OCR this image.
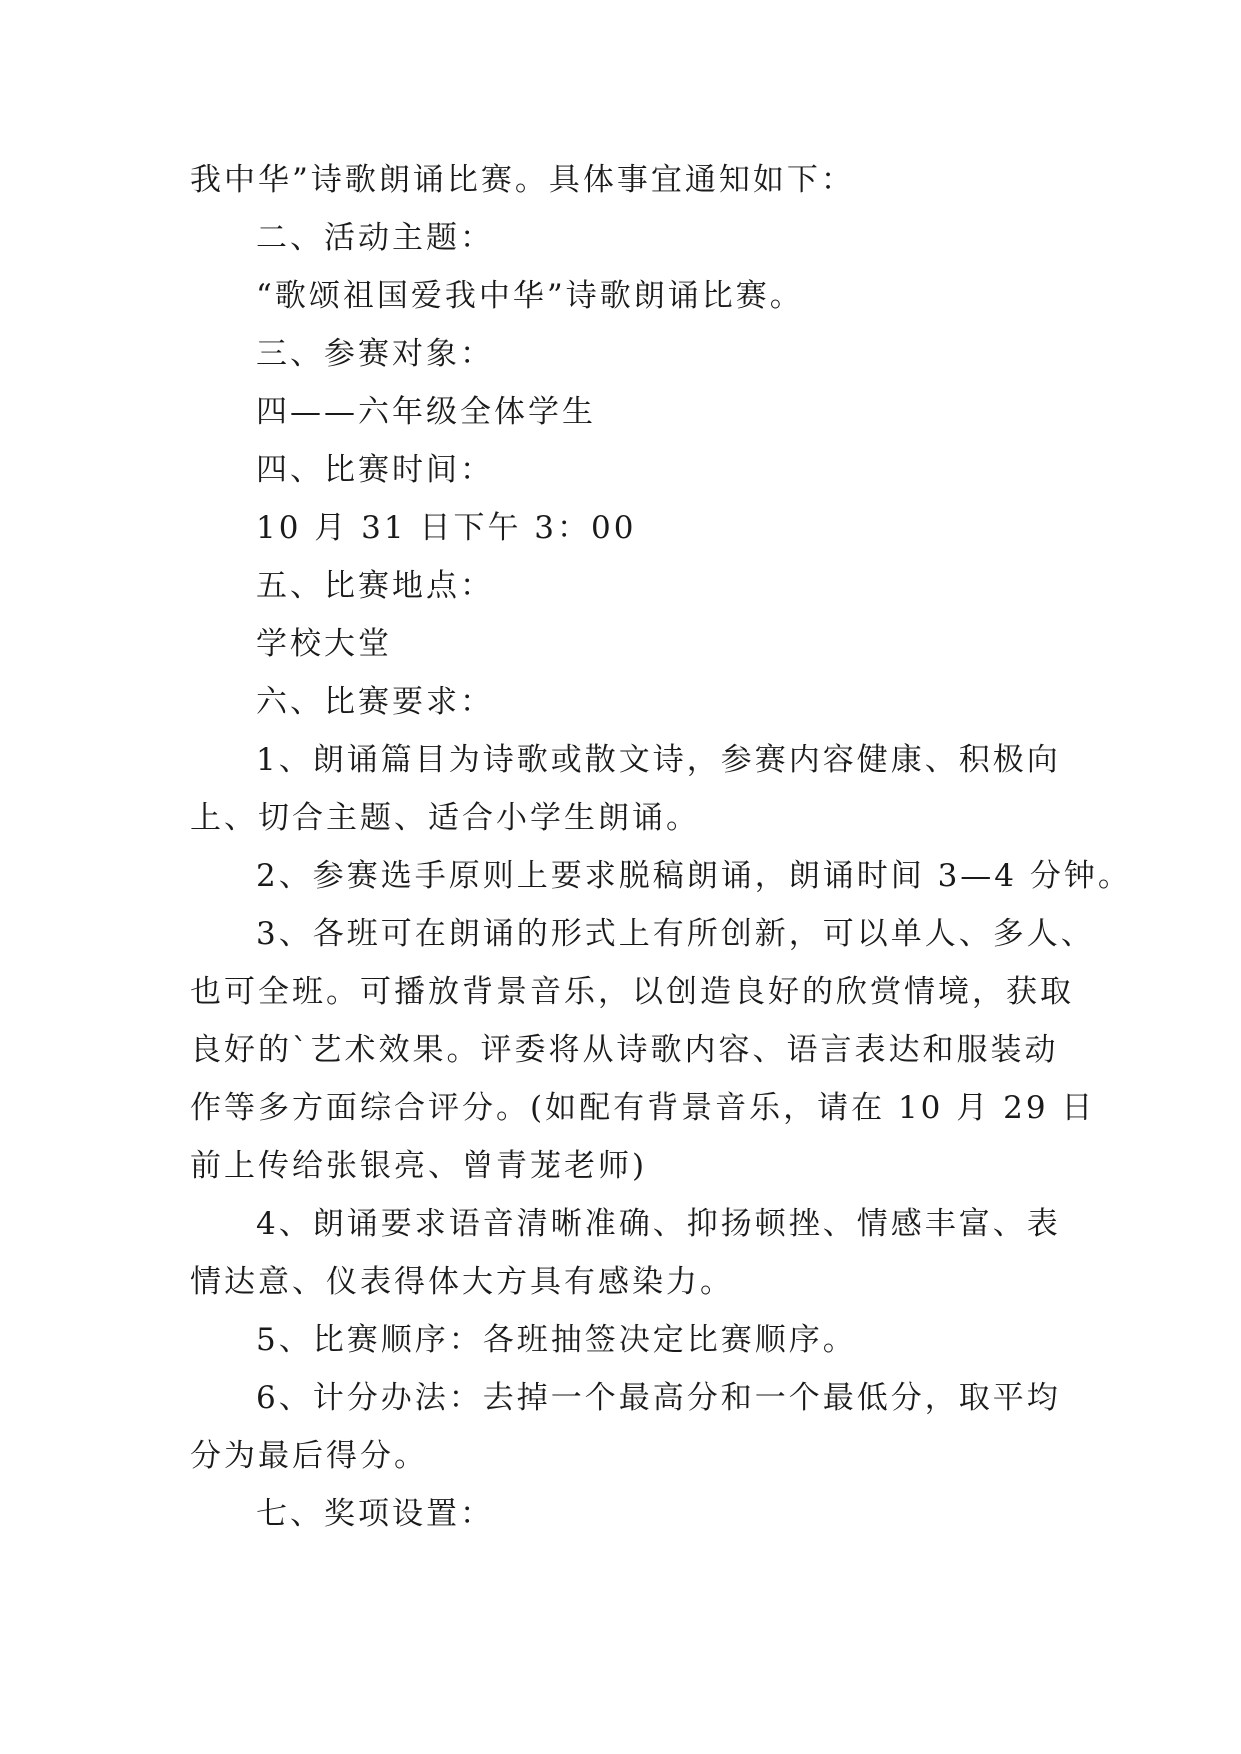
我中华”诗歌朗诵比赛。具体事宜通知如下：
二、活动主题：
“歌颂祖国爱我中华”诗歌朗诵比赛。
三、参赛对象：
四——六年级全体学生
四、比赛时间：
10 月 31 日下午 3：00
五、比赛地点：
学校大堂
六、比赛要求：
1、朗诵篇目为诗歌或散文诗，参赛内容健康、积极向
上、切合主题、适合小学生朗诵。
2、参赛选手原则上要求脱稿朗诵，朗诵时间 3—4 分钟。
3、各班可在朗诵的形式上有所创新，可以单人、多人、
也可全班。可播放背景音乐，以创造良好的欣赏情境，获取
良好的`艺术效果。评委将从诗歌内容、语言表达和服装动
作等多方面综合评分。(如配有背景音乐，请在 10 月 29 日
前上传给张银亮、曾青茏老师)
4、朗诵要求语音清晰准确、抑扬顿挫、情感丰富、表
情达意、仪表得体大方具有感染力。
5、比赛顺序：各班抽签决定比赛顺序。
6、计分办法：去掉一个最高分和一个最低分，取平均
分为最后得分。
七、奖项设置：
